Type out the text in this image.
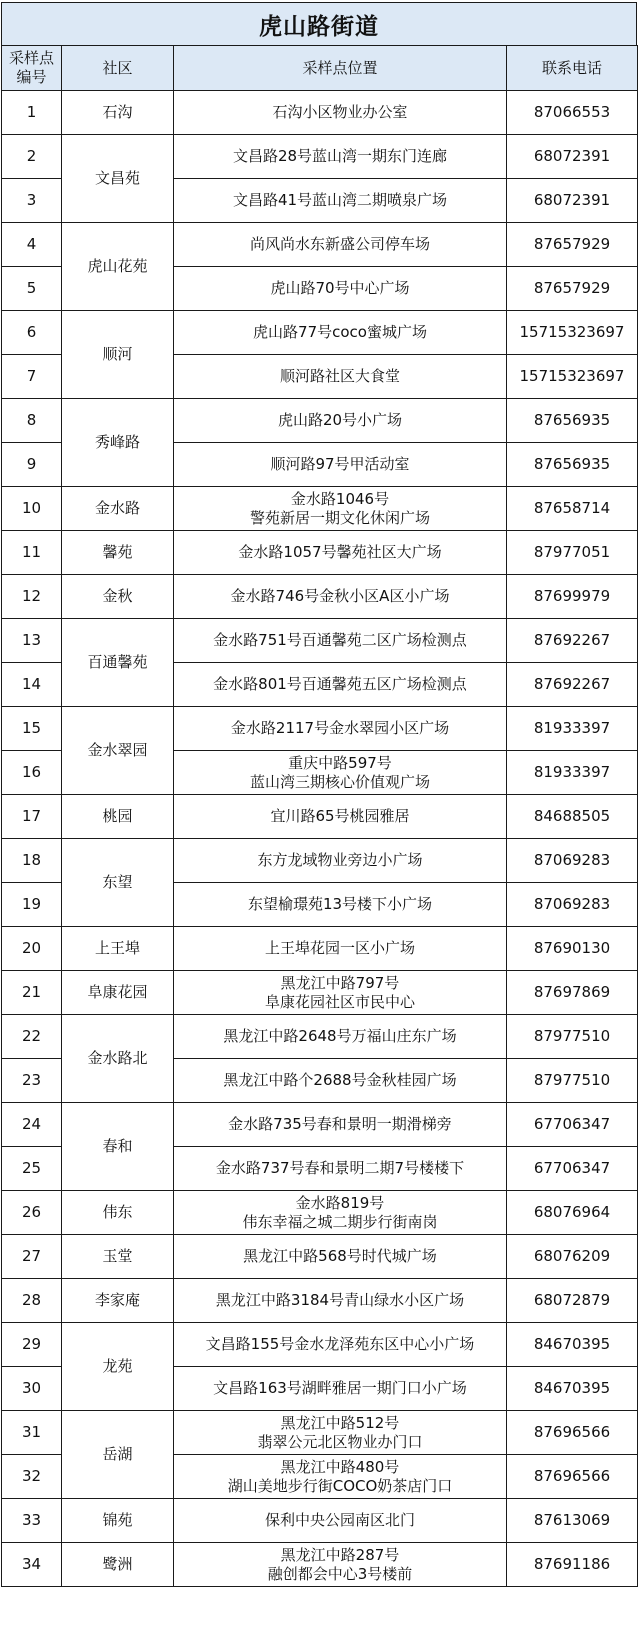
虎山路街道
采样点
编号	社区	采样点位置	联系电话
1	石沟	石沟小区物业办公室	87066553
2	文昌苑	文昌路28号蓝山湾一期东门连廊	68072391
3		文昌路41号蓝山湾二期喷泉广场	68072391
4	虎山花苑	尚风尚水东新盛公司停车场	87657929
5		虎山路70号中心广场	87657929
6	顺河	虎山路77号coco蜜城广场	15715323697
7		顺河路社区大食堂	15715323697
8	秀峰路	虎山路20号小广场	87656935
9		顺河路97号甲活动室	87656935
10	金水路	金水路1046号
警苑新居一期文化休闲广场	87658714
11	馨苑	金水路1057号馨苑社区大广场	87977051
12	金秋	金水路746号金秋小区A区小广场	87699979
13	百通馨苑	金水路751号百通馨苑二区广场检测点	87692267
14		金水路801号百通馨苑五区广场检测点	87692267
15	金水翠园	金水路2117号金水翠园小区广场	81933397
16		重庆中路597号
蓝山湾三期核心价值观广场	81933397
17	桃园	宜川路65号桃园雅居	84688505
18	东望	东方龙域物业旁边小广场	87069283
19		东望榆璟苑13号楼下小广场	87069283
20	上王埠	上王埠花园一区小广场	87690130
21	阜康花园	黑龙江中路797号
阜康花园社区市民中心	87697869
22	金水路北	黑龙江中路2648号万福山庄东广场	87977510
23		黑龙江中路个2688号金秋桂园广场	87977510
24	春和	金水路735号春和景明一期滑梯旁	67706347
25		金水路737号春和景明二期7号楼楼下	67706347
26	伟东	金水路819号
伟东幸福之城二期步行街南岗	68076964
27	玉堂	黑龙江中路568号时代城广场	68076209
28	李家庵	黑龙江中路3184号青山绿水小区广场	68072879
29	龙苑	文昌路155号金水龙泽苑东区中心小广场	84670395
30		文昌路163号湖畔雅居一期门口小广场	84670395
31	岳湖	黑龙江中路512号
翡翠公元北区物业办门口	87696566
32		黑龙江中路480号
湖山美地步行街COCO奶茶店门口	87696566
33	锦苑	保利中央公园南区北门	87613069
34	鹭洲	黑龙江中路287号
融创都会中心3号楼前	87691186
